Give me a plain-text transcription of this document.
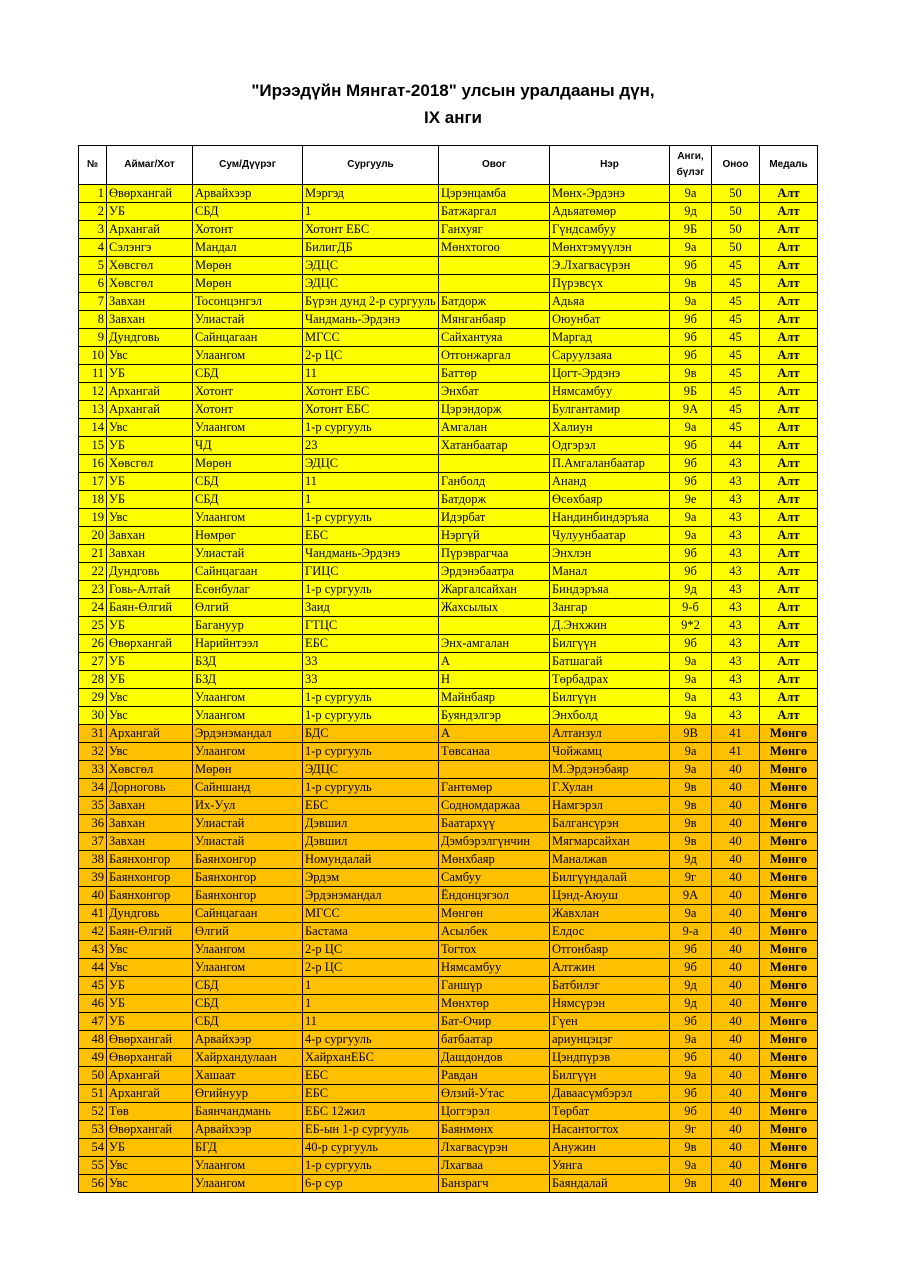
"Ирээдүйн Мянгат-2018" улсын уралдааны дүн,
IX анги
№	Аймаг/Хот	Сум/Дүүрэг	Сургууль	Овог	Нэр	Анги, бүлэг	Оноо	Медаль
1	Өвөрхангай	Арвайхээр	Мэргэд	Цэрэнцамба	Мөнх-Эрдэнэ	9а	50	Алт
2	УБ	СБД	1	Батжаргал	Адьяатөмөр	9д	50	Алт
3	Архангай	Хотонт	Хотонт ЕБС	Ганхуяг	Гүндсамбуу	9Б	50	Алт
4	Сэлэнгэ	Мандал	БилигДБ	Мөнхтогоо	Мөнхтэмүүлэн	9а	50	Алт
5	Хөвсгөл	Мөрөн	ЭДЦС		Э.Лхагвасүрэн	9б	45	Алт
6	Хөвсгөл	Мөрөн	ЭДЦС		Пүрэвсүх	9в	45	Алт
7	Завхан	Тосонцэнгэл	Бүрэн дунд 2-р сургууль	Батдорж	Адьяа	9а	45	Алт
8	Завхан	Улиастай	Чандмань-Эрдэнэ	Мянганбаяр	Оюунбат	9б	45	Алт
9	Дундговь	Сайнцагаан	МГСС	Сайхантуяа	Маргад	9б	45	Алт
10	Увс	Улаангом	2-р ЦС	Отгонжаргал	Саруулзаяа	9б	45	Алт
11	УБ	СБД	11	Баттөр	Цогт-Эрдэнэ	9в	45	Алт
12	Архангай	Хотонт	Хотонт ЕБС	Энхбат	Нямсамбуу	9Б	45	Алт
13	Архангай	Хотонт	Хотонт ЕБС	Цэрэндорж	Булгантамир	9А	45	Алт
14	Увс	Улаангом	1-р сургууль	Амгалан	Халиун	9а	45	Алт
15	УБ	ЧД	23	Хатанбаатар	Одгэрэл	9б	44	Алт
16	Хөвсгөл	Мөрөн	ЭДЦС		П.Амгаланбаатар	9б	43	Алт
17	УБ	СБД	11	Ганболд	Ананд	9б	43	Алт
18	УБ	СБД	1	Батдорж	Өсөхбаяр	9е	43	Алт
19	Увс	Улаангом	1-р сургууль	Идэрбат	Нандинбиндэръяа	9а	43	Алт
20	Завхан	Нөмрөг	ЕБС	Нэргүй	Чулуунбаатар	9а	43	Алт
21	Завхан	Улиастай	Чандмань-Эрдэнэ	Пүрэврагчаа	Энхлэн	9б	43	Алт
22	Дундговь	Сайнцагаан	ГИЦС	Эрдэнэбаатра	Манал	9б	43	Алт
23	Говь-Алтай	Есөнбулаг	1-р сургууль	Жаргалсайхан	Биндэръяа	9д	43	Алт
24	Баян-Өлгий	Өлгий	Заид	Жахсылых	Зангар	9-б	43	Алт
25	УБ	Багануур	ГТЦС		Д.Энхжин	9*2	43	Алт
26	Өвөрхангай	Нарийнтээл	ЕБС	Энх-амгалан	Билгүүн	9б	43	Алт
27	УБ	БЗД	33	А	Батшагай	9а	43	Алт
28	УБ	БЗД	33	Н	Төрбадрах	9а	43	Алт
29	Увс	Улаангом	1-р сургууль	Майнбаяр	Билгүүн	9а	43	Алт
30	Увс	Улаангом	1-р сургууль	Буяндэлгэр	Энхболд	9а	43	Алт
31	Архангай	Эрдэнэмандал	БДС	А	Алтанзул	9В	41	Мөнгө
32	Увс	Улаангом	1-р сургууль	Төвсанаа	Чойжамц	9а	41	Мөнгө
33	Хөвсгөл	Мөрөн	ЭДЦС		М.Эрдэнэбаяр	9а	40	Мөнгө
34	Дорноговь	Сайншанд	1-р сургууль	Гантөмөр	Г.Хулан	9в	40	Мөнгө
35	Завхан	Их-Уул	ЕБС	Содномдаржаа	Намгэрэл	9в	40	Мөнгө
36	Завхан	Улиастай	Дэвшил	Баатархүү	Балгансүрэн	9в	40	Мөнгө
37	Завхан	Улиастай	Дэвшил	Дэмбэрэлгүнчин	Мягмарсайхан	9в	40	Мөнгө
38	Баянхонгор	Баянхонгор	Номундалай	Мөнхбаяр	Маналжав	9д	40	Мөнгө
39	Баянхонгор	Баянхонгор	Эрдэм	Самбуу	Билгүүндалай	9г	40	Мөнгө
40	Баянхонгор	Баянхонгор	Эрдэнэмандал	Ёндонцэгзол	Цэнд-Аюуш	9А	40	Мөнгө
41	Дундговь	Сайнцагаан	МГСС	Мөнгөн	Жавхлан	9а	40	Мөнгө
42	Баян-Өлгий	Өлгий	Бастама	Асылбек	Елдос	9-а	40	Мөнгө
43	Увс	Улаангом	2-р ЦС	Тогтох	Отгонбаяр	9б	40	Мөнгө
44	Увс	Улаангом	2-р ЦС	Нямсамбуу	Алтжин	9б	40	Мөнгө
45	УБ	СБД	1	Ганшүр	Батбилэг	9д	40	Мөнгө
46	УБ	СБД	1	Мөнхтөр	Нямсүрэн	9д	40	Мөнгө
47	УБ	СБД	11	Бат-Очир	Гүен	9б	40	Мөнгө
48	Өвөрхангай	Арвайхээр	4-р сургууль	батбаатар	ариунцэцэг	9а	40	Мөнгө
49	Өвөрхангай	Хайрхандулаан	ХайрханЕБС	Дашдондов	Цэндпүрэв	9б	40	Мөнгө
50	Архангай	Хашаат	ЕБС	Равдан	Билгүүн	9а	40	Мөнгө
51	Архангай	Өгийнуур	ЕБС	Өлзий-Утас	Даваасүмбэрэл	9б	40	Мөнгө
52	Төв	Баянчандмань	ЕБС 12жил	Цоггэрэл	Төрбат	9б	40	Мөнгө
53	Өвөрхангай	Арвайхээр	ЕБ-ын 1-р сургууль	Баянмөнх	Насантогтох	9г	40	Мөнгө
54	УБ	БГД	40-р сургууль	Лхагвасүрэн	Анужин	9в	40	Мөнгө
55	Увс	Улаангом	1-р сургууль	Лхагваа	Уянга	9а	40	Мөнгө
56	Увс	Улаангом	6-р сур	Банзрагч	Баяндалай	9в	40	Мөнгө
